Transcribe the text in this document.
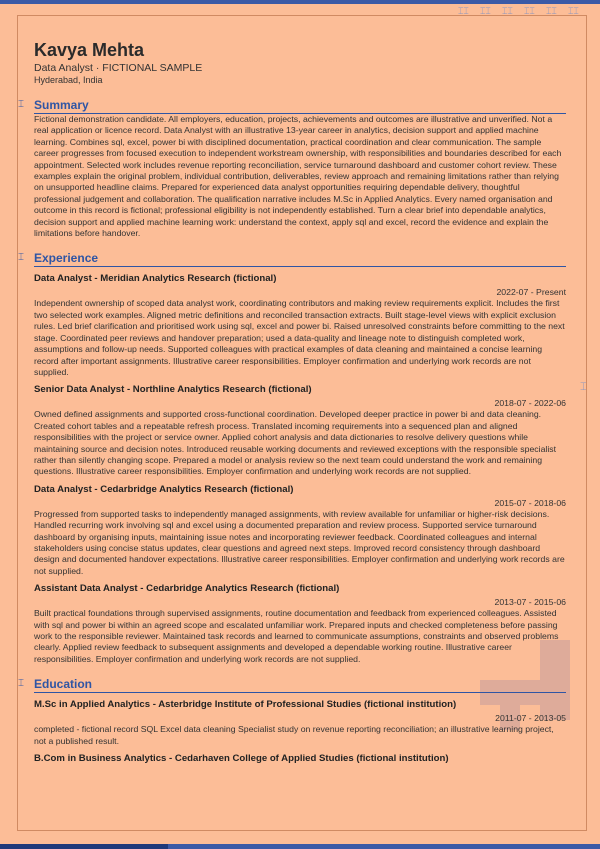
⌶⌶ ⌶⌶ ⌶⌶ ⌶⌶ ⌶⌶ ⌶⌶
⌶
Kavya Mehta

Data Analyst · FICTIONAL SAMPLE

Hyderabad, India

⌶ Summary

Fictional demonstration candidate. All employers, education, projects, achievements and outcomes are illustrative and unverified. Not a real application or licence record. Data Analyst with an illustrative 13-year career in analytics, decision support and applied machine learning. Combines sql, excel, power bi with disciplined documentation, practical coordination and clear communication. The sample career progresses from focused execution to independent workstream ownership, with responsibilities and boundaries described for each appointment. Selected work includes revenue reporting reconciliation, service turnaround dashboard and customer cohort review. These examples explain the original problem, individual contribution, deliverables, review approach and remaining limitations rather than relying on unsupported headline claims. Prepared for experienced data analyst opportunities requiring dependable delivery, thoughtful professional judgement and collaboration. The qualification narrative includes M.Sc in Applied Analytics. Every named organisation and outcome in this record is fictional; professional eligibility is not independently established. Turn a clear brief into dependable analytics, decision support and applied machine learning work: understand the context, apply sql and excel, record the evidence and explain the limitations before handover.

⌶ Experience

Data Analyst - Meridian Analytics Research (fictional)

2022-07 - Present

Independent ownership of scoped data analyst work, coordinating contributors and making review requirements explicit. Includes the first two selected work examples. Aligned metric definitions and reconciled transaction extracts. Built stage-level views with explicit exclusion rules. Led brief clarification and prioritised work using sql, excel and power bi. Raised unresolved constraints before committing to the next stage. Coordinated peer reviews and handover preparation; used a data-quality and lineage note to distinguish completed work, assumptions and follow-up needs. Supported colleagues with practical examples of data cleaning and maintained a concise learning record after important assignments. Illustrative career responsibilities. Employer confirmation and underlying work records are not supplied.

Senior Data Analyst - Northline Analytics Research (fictional)

2018-07 - 2022-06

Owned defined assignments and supported cross-functional coordination. Developed deeper practice in power bi and data cleaning. Created cohort tables and a repeatable refresh process. Translated incoming requirements into a sequenced plan and aligned responsibilities with the project or service owner. Applied cohort analysis and data dictionaries to resolve delivery questions while maintaining source and decision notes. Introduced reusable working documents and reviewed exceptions with the responsible specialist rather than silently changing scope. Prepared a model or analysis review so the next team could understand the work and remaining questions. Illustrative career responsibilities. Employer confirmation and underlying work records are not supplied.

Data Analyst - Cedarbridge Analytics Research (fictional)

2015-07 - 2018-06

Progressed from supported tasks to independently managed assignments, with review available for unfamiliar or higher-risk decisions. Handled recurring work involving sql and excel using a documented preparation and review process. Supported service turnaround dashboard by organising inputs, maintaining issue notes and incorporating reviewer feedback. Coordinated colleagues and internal stakeholders using concise status updates, clear questions and agreed next steps. Improved record consistency through dashboard design and documented handover expectations. Illustrative career responsibilities. Employer confirmation and underlying work records are not supplied.

Assistant Data Analyst - Cedarbridge Analytics Research (fictional)

2013-07 - 2015-06

Built practical foundations through supervised assignments, routine documentation and feedback from experienced colleagues. Assisted with sql and power bi within an agreed scope and escalated unfamiliar work. Prepared inputs and checked completeness before passing work to the responsible reviewer. Maintained task records and learned to communicate assumptions, constraints and observed problems clearly. Applied review feedback to subsequent assignments and developed a dependable working routine. Illustrative career responsibilities. Employer confirmation and underlying work records are not supplied.

⌶ Education

M.Sc in Applied Analytics - Asterbridge Institute of Professional Studies (fictional institution)

2011-07 - 2013-05

completed - fictional record SQL Excel data cleaning Specialist study on revenue reporting reconciliation; an illustrative learning project, not a published result.

B.Com in Business Analytics - Cedarhaven College of Applied Studies (fictional institution)
